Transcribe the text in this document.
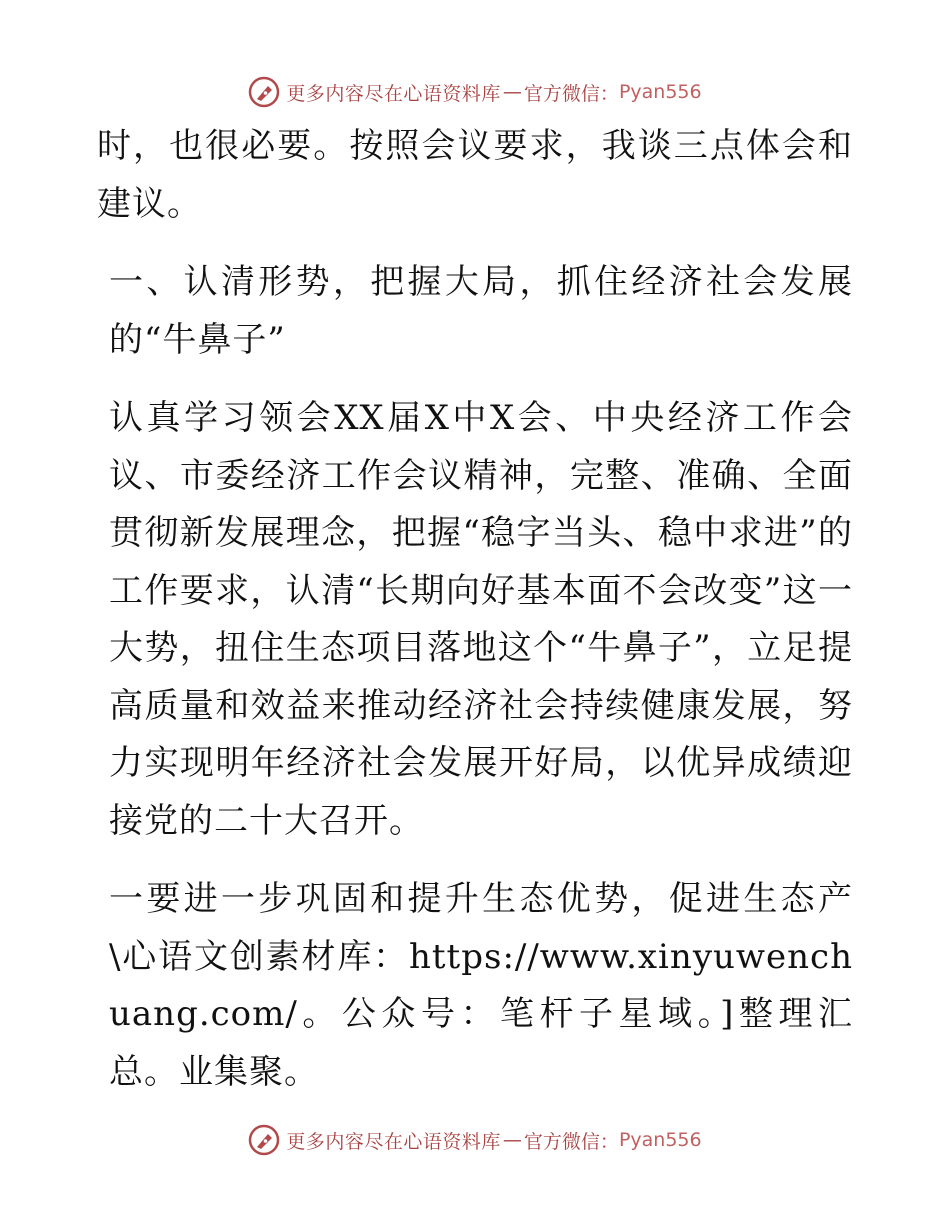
更多内容尽在心语资料库 — 官方微信： Pyan556

时，也很必要。按照会议要求，我谈三点体会和建议。

一、认清形势，把握大局，抓住经济社会发展的“牛鼻子”

认真学习领会XX届X中X会、中央经济工作会议、市委经济工作会议精神，完整、准确、全面贯彻新发展理念，把握“稳字当头、稳中求进”的工作要求，认清“长期向好基本面不会改变”这一大势，扭住生态项目落地这个“牛鼻子”，立足提高质量和效益来推动经济社会持续健康发展，努力实现明年经济社会发展开好局，以优异成绩迎接党的二十大召开。

一要进一步巩固和提升生态优势，促进生态产\心语文创素材库：https://www.xinyuwenchuang.com/。公众号：笔杆子星域。]整理汇总。业集聚。

更多内容尽在心语资料库 — 官方微信： Pyan556
